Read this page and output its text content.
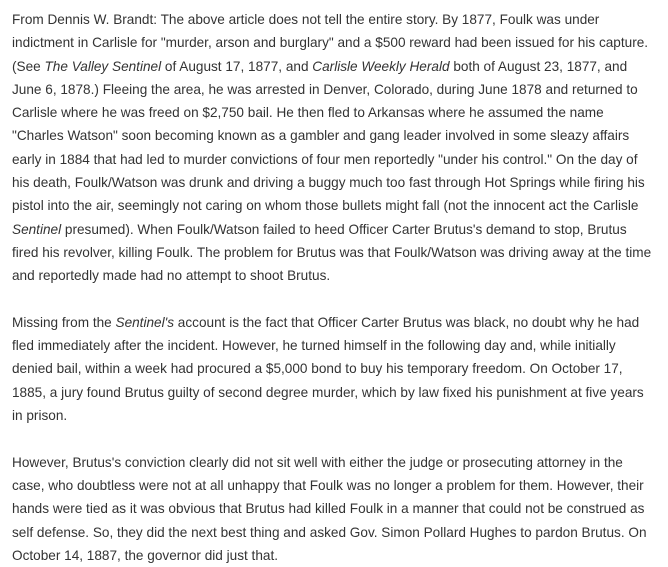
From Dennis W. Brandt: The above article does not tell the entire story. By 1877, Foulk was under indictment in Carlisle for "murder, arson and burglary" and a $500 reward had been issued for his capture. (See The Valley Sentinel of August 17, 1877, and Carlisle Weekly Herald both of August 23, 1877, and June 6, 1878.) Fleeing the area, he was arrested in Denver, Colorado, during June 1878 and returned to Carlisle where he was freed on $2,750 bail. He then fled to Arkansas where he assumed the name "Charles Watson" soon becoming known as a gambler and gang leader involved in some sleazy affairs early in 1884 that had led to murder convictions of four men reportedly "under his control." On the day of his death, Foulk/Watson was drunk and driving a buggy much too fast through Hot Springs while firing his pistol into the air, seemingly not caring on whom those bullets might fall (not the innocent act the Carlisle Sentinel presumed). When Foulk/Watson failed to heed Officer Carter Brutus's demand to stop, Brutus fired his revolver, killing Foulk. The problem for Brutus was that Foulk/Watson was driving away at the time and reportedly made had no attempt to shoot Brutus.

Missing from the Sentinel's account is the fact that Officer Carter Brutus was black, no doubt why he had fled immediately after the incident. However, he turned himself in the following day and, while initially denied bail, within a week had procured a $5,000 bond to buy his temporary freedom. On October 17, 1885, a jury found Brutus guilty of second degree murder, which by law fixed his punishment at five years in prison.

However, Brutus's conviction clearly did not sit well with either the judge or prosecuting attorney in the case, who doubtless were not at all unhappy that Foulk was no longer a problem for them. However, their hands were tied as it was obvious that Brutus had killed Foulk in a manner that could not be construed as self defense. So, they did the next best thing and asked Gov. Simon Pollard Hughes to pardon Brutus. On October 14, 1887, the governor did just that.
